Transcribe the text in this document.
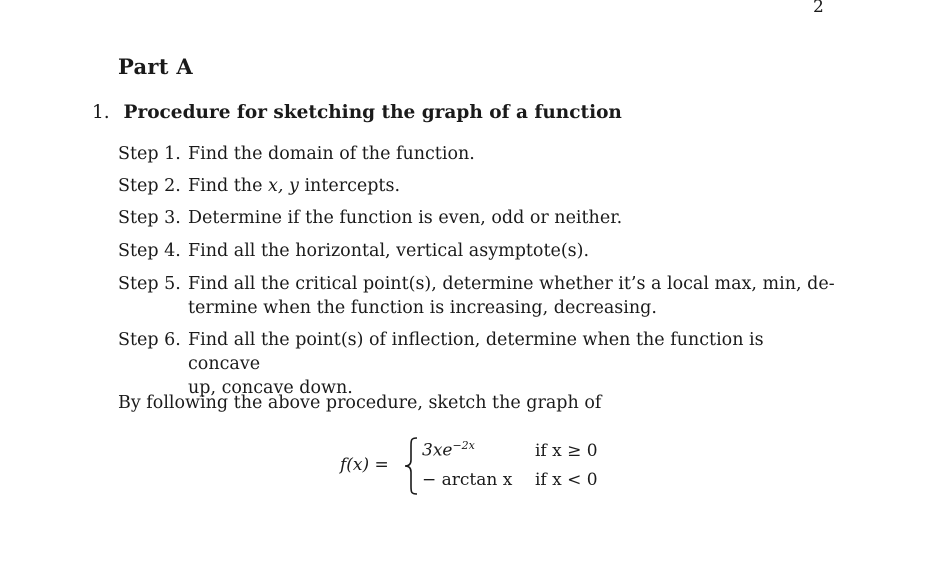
2
Part A
1. Procedure for sketching the graph of a function
Step 1. Find the domain of the function.
Step 2. Find the x, y intercepts.
Step 3. Determine if the function is even, odd or neither.
Step 4. Find all the horizontal, vertical asymptote(s).
Step 5. Find all the critical point(s), determine whether it’s a local max, min, de-
termine when the function is increasing, decreasing.
Step 6. Find all the point(s) of inflection, determine when the function is concave
up, concave down.
By following the above procedure, sketch the graph of
f(x) =
$3xe^{-2x}$	if x ≥ 0
− arctan x if x < 0
